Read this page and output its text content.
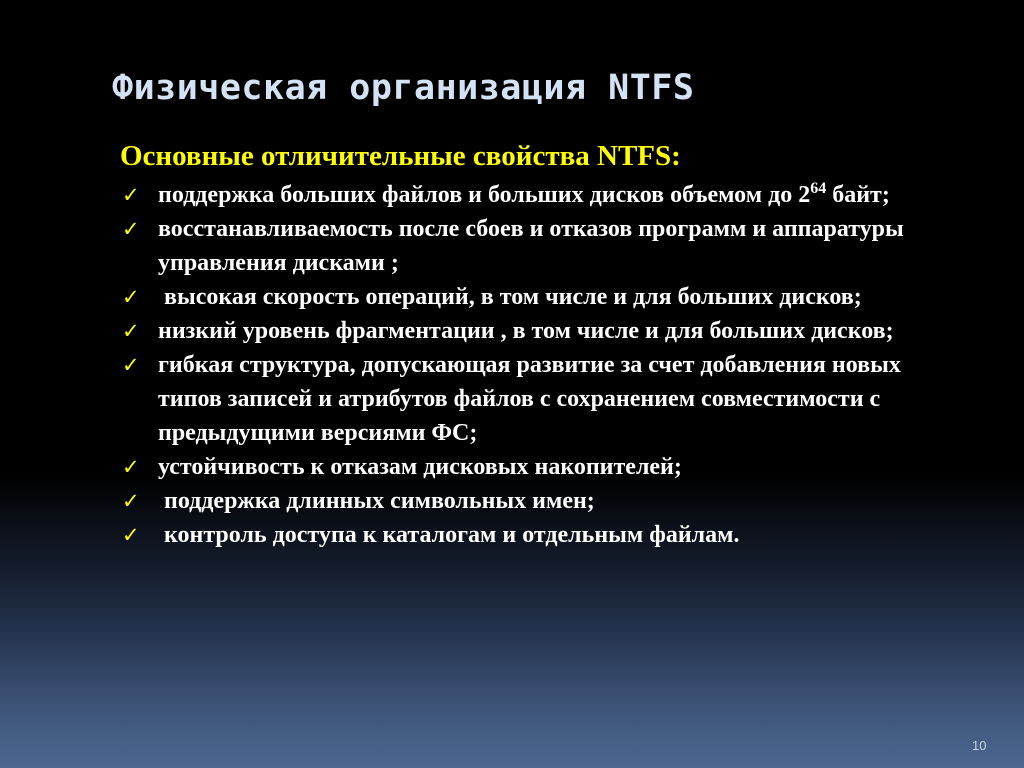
Физическая организация NTFS
Основные отличительные свойства NTFS:
✓ поддержка больших файлов и больших дисков объемом до $2^{64}$ байт;
✓ восстанавливаемость после сбоев и отказов программ и аппаратуры управления дисками ;
✓ высокая скорость операций, в том числе и для больших дисков;
✓ низкий уровень фрагментации , в том числе и для больших дисков;
✓ гибкая структура, допускающая развитие за счет добавления новых типов записей и атрибутов файлов с сохранением совместимости с предыдущими версиями ФС;
✓ устойчивость к отказам дисковых накопителей;
✓ поддержка длинных символьных имен;
✓ контроль доступа к каталогам и отдельным файлам.
10
